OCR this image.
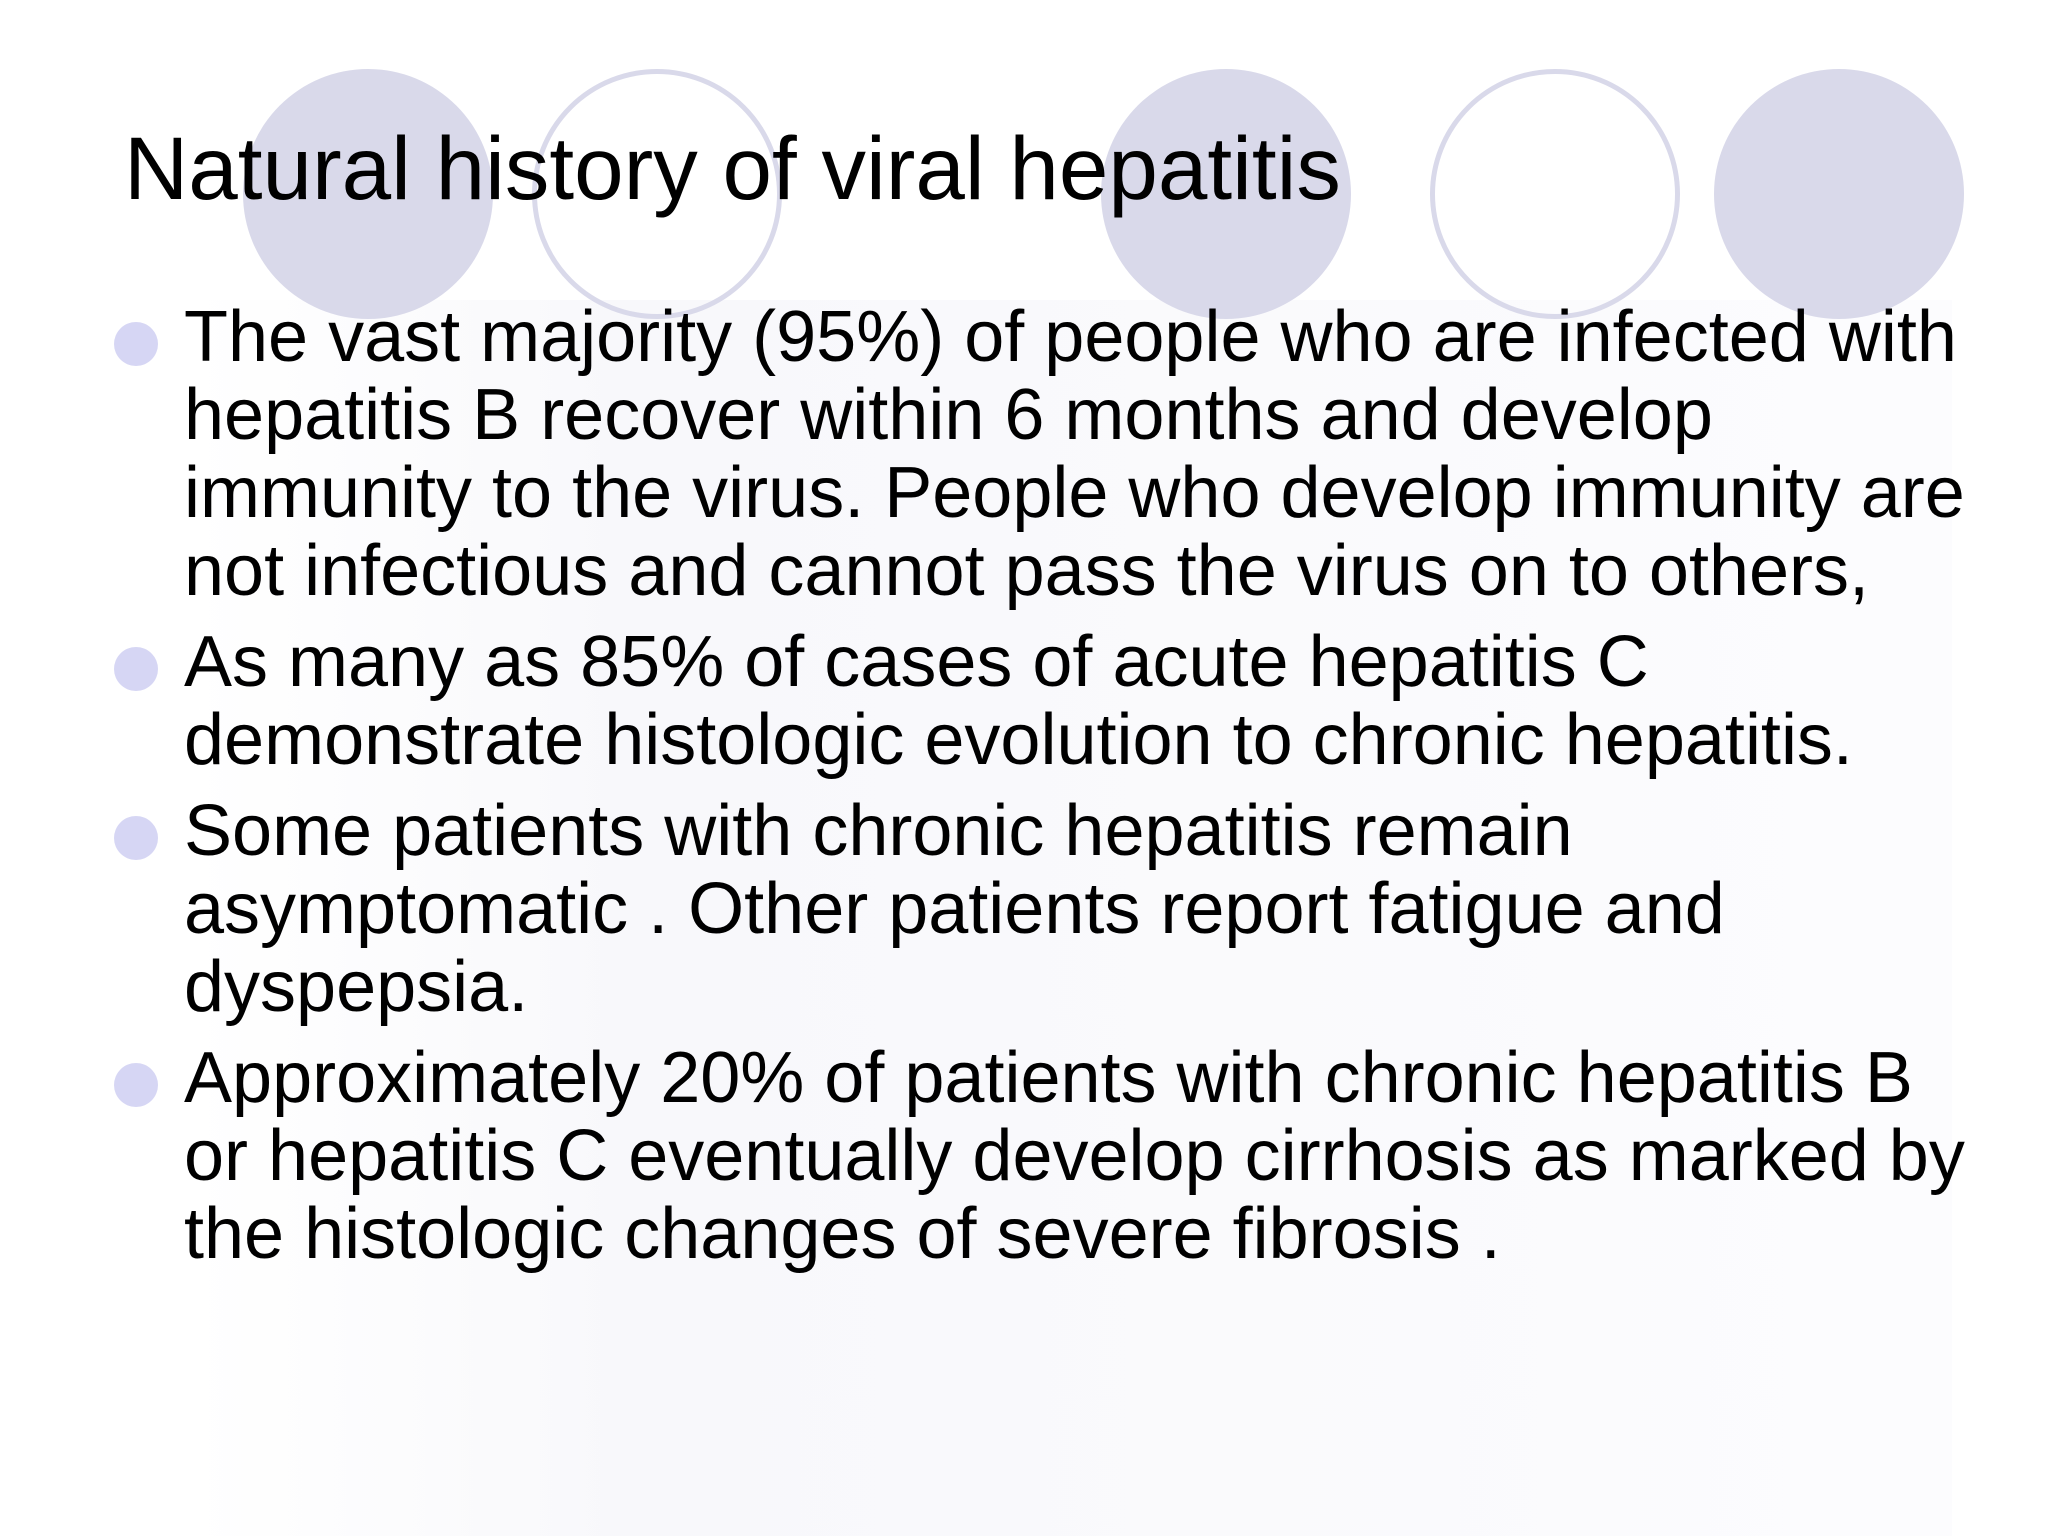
Natural history of viral hepatitis
The vast majority (95%) of people who are infected with hepatitis B recover within 6 months and develop immunity to the virus. People who develop immunity are not infectious and cannot pass the virus on to others,
As many as 85% of cases of acute hepatitis C demonstrate histologic evolution to chronic hepatitis.
Some patients with chronic hepatitis remain asymptomatic . Other patients report fatigue and dyspepsia.
Approximately 20% of patients with chronic hepatitis B or hepatitis C eventually develop cirrhosis as marked by the histologic changes of severe fibrosis .
